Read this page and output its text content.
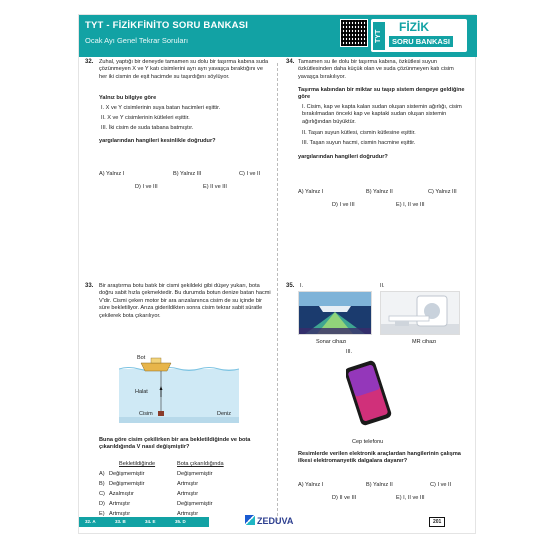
TYT - FİZİKFİNİTO SORU BANKASI
Ocak Ayı Genel Tekrar Soruları	TYT
FİZİK
SORU BANKASI
32. Zuhal, yaptığı bir deneyde tamamen su dolu bir taşırma kabına suda çözünmeyen X ve Y katı cisimlerini ayrı ayrı yavaşça bıraktığını ve her iki cismin de eşit hacimde su taşırdığını söylüyor.
Yalnız bu bilgiye göre
I. X ve Y cisimlerinin suya batan hacimleri eşittir.
II. X ve Y cisimlerinin kütleleri eşittir.
III. İki cisim de suda tabana batmıştır.
yargılarından hangileri kesinlikle doğrudur?
A) Yalnız I	B) Yalnız III	C) I ve II
D) I ve III	E) II ve III
34. Tamamen su ile dolu bir taşırma kabına, özkütlesi suyun özkütlesinden daha küçük olan ve suda çözünmeyen katı cisim yavaşça bırakılıyor.
Taşırma kabından bir miktar su taşıp sistem dengeye geldiğine göre
I. Cisim, kap ve kapta kalan sudan oluşan sistemin ağırlığı, cisim bırakılmadan önceki kap ve kaptaki sudan oluşan sistemin ağırlığından büyüktür.
II. Taşan suyun kütlesi, cismin kütlesine eşittir.
III. Taşan suyun hacmi, cismin hacmine eşittir.
yargılarından hangileri doğrudur?
A) Yalnız I	B) Yalnız II	C) Yalnız III
D) I ve III	E) I, II ve III
33. Bir araştırma botu batık bir cismi şekildeki gibi düşey yukarı, bota doğru sabit hızla çekmektedir. Bu durumda botun denize batan hacmi V'dir. Cismi çeken motor bir ara arızalanınca cisim de su içinde bir süre bekletiliyor. Arıza giderildikten sonra cisim tekrar sabit süratle çekilerek bota çıkarılıyor.
Bot
Halat
Cisim	Deniz
Buna göre cisim çekilirken bir ara bekletildiğinde ve bota çıkarıldığında V nasıl değişmiştir?
Bekletildiğinde	Bota çıkarıldığında
A) Değişmemiştir	Değişmemiştir
B) Değişmemiştir	Artmıştır
C) Azalmıştır	Artmıştır
D) Artmıştır	Değişmemiştir
E) Artmıştır	Artmıştır
35. I.	II.
Sonar cihazı	MR cihazı
III.
Cep telefonu
Resimlerde verilen elektronik araçlardan hangilerinin çalışma ilkesi elektromanyetik dalgalara dayanır?
A) Yalnız I	B) Yalnız II	C) I ve II
D) II ve III	E) I, II ve III
32. A	33. B	34. E	35. D	ZEDUVA	201
